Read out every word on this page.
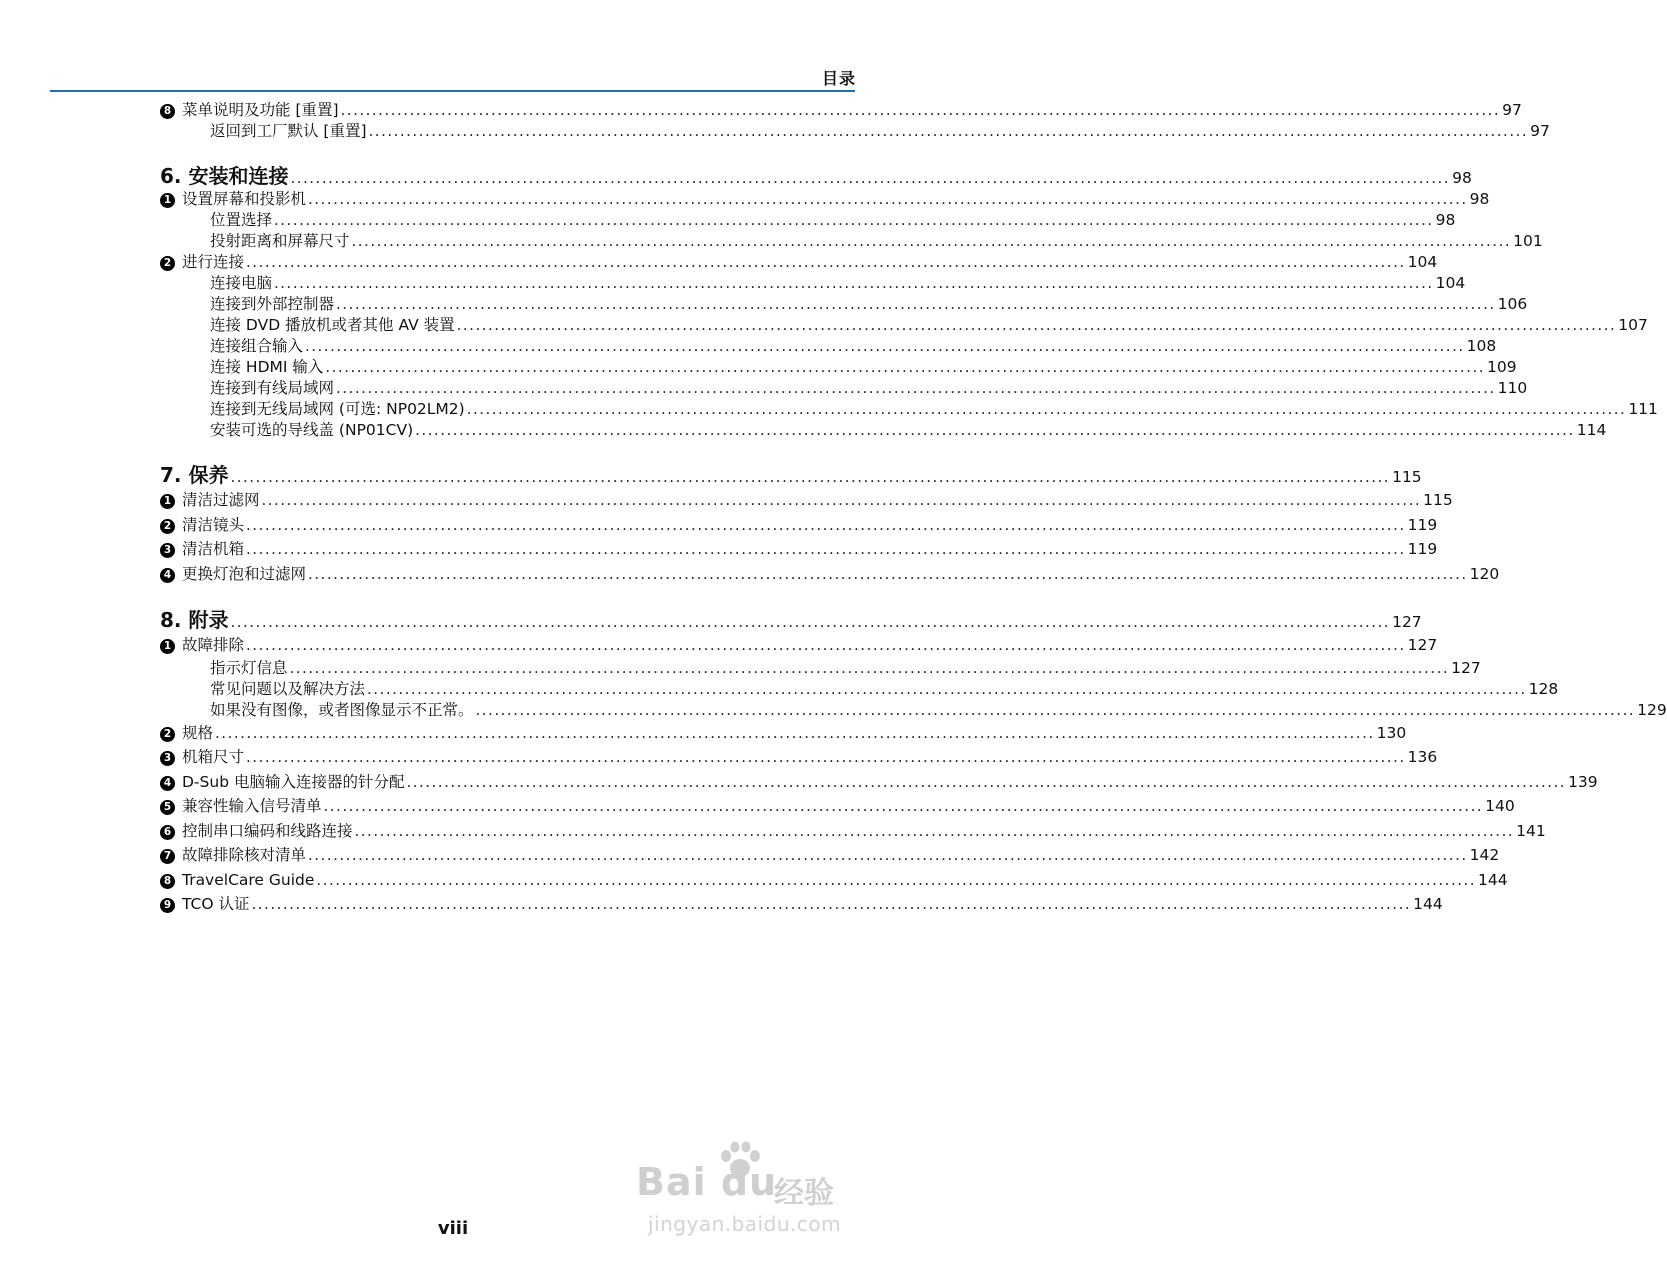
目录
8 菜单说明及功能 [重置] ......................................................................................................................................................................................... 97
返回到工厂默认 [重置] ......................................................................................................................................................................................... 97
6. 安装和连接 ......................................................................................................................................................................................... 98
1 设置屏幕和投影机 ......................................................................................................................................................................................... 98
位置选择 ......................................................................................................................................................................................... 98
投射距离和屏幕尺寸 ......................................................................................................................................................................................... 101
2 进行连接 ......................................................................................................................................................................................... 104
连接电脑 ......................................................................................................................................................................................... 104
连接到外部控制器 ......................................................................................................................................................................................... 106
连接 DVD 播放机或者其他 AV 装置 ......................................................................................................................................................................................... 107
连接组合输入 ......................................................................................................................................................................................... 108
连接 HDMI 输入 ......................................................................................................................................................................................... 109
连接到有线局域网 ......................................................................................................................................................................................... 110
连接到无线局域网 (可选: NP02LM2) ......................................................................................................................................................................................... 111
安装可选的导线盖 (NP01CV) ......................................................................................................................................................................................... 114
7. 保养 ......................................................................................................................................................................................... 115
1 清洁过滤网 ......................................................................................................................................................................................... 115
2 清洁镜头 ......................................................................................................................................................................................... 119
3 清洁机箱 ......................................................................................................................................................................................... 119
4 更换灯泡和过滤网 ......................................................................................................................................................................................... 120
8. 附录 ......................................................................................................................................................................................... 127
1 故障排除 ......................................................................................................................................................................................... 127
指示灯信息 ......................................................................................................................................................................................... 127
常见问题以及解决方法 ......................................................................................................................................................................................... 128
如果没有图像，或者图像显示不正常。 ......................................................................................................................................................................................... 129
2 规格 ......................................................................................................................................................................................... 130
3 机箱尺寸 ......................................................................................................................................................................................... 136
4 D-Sub 电脑输入连接器的针分配 ......................................................................................................................................................................................... 139
5 兼容性输入信号清单 ......................................................................................................................................................................................... 140
6 控制串口编码和线路连接 ......................................................................................................................................................................................... 141
7 故障排除核对清单 ......................................................................................................................................................................................... 142
8 TravelCare Guide ......................................................................................................................................................................................... 144
9 TCO 认证 ......................................................................................................................................................................................... 144
viii
Bai du
经验
jingyan.baidu.com
